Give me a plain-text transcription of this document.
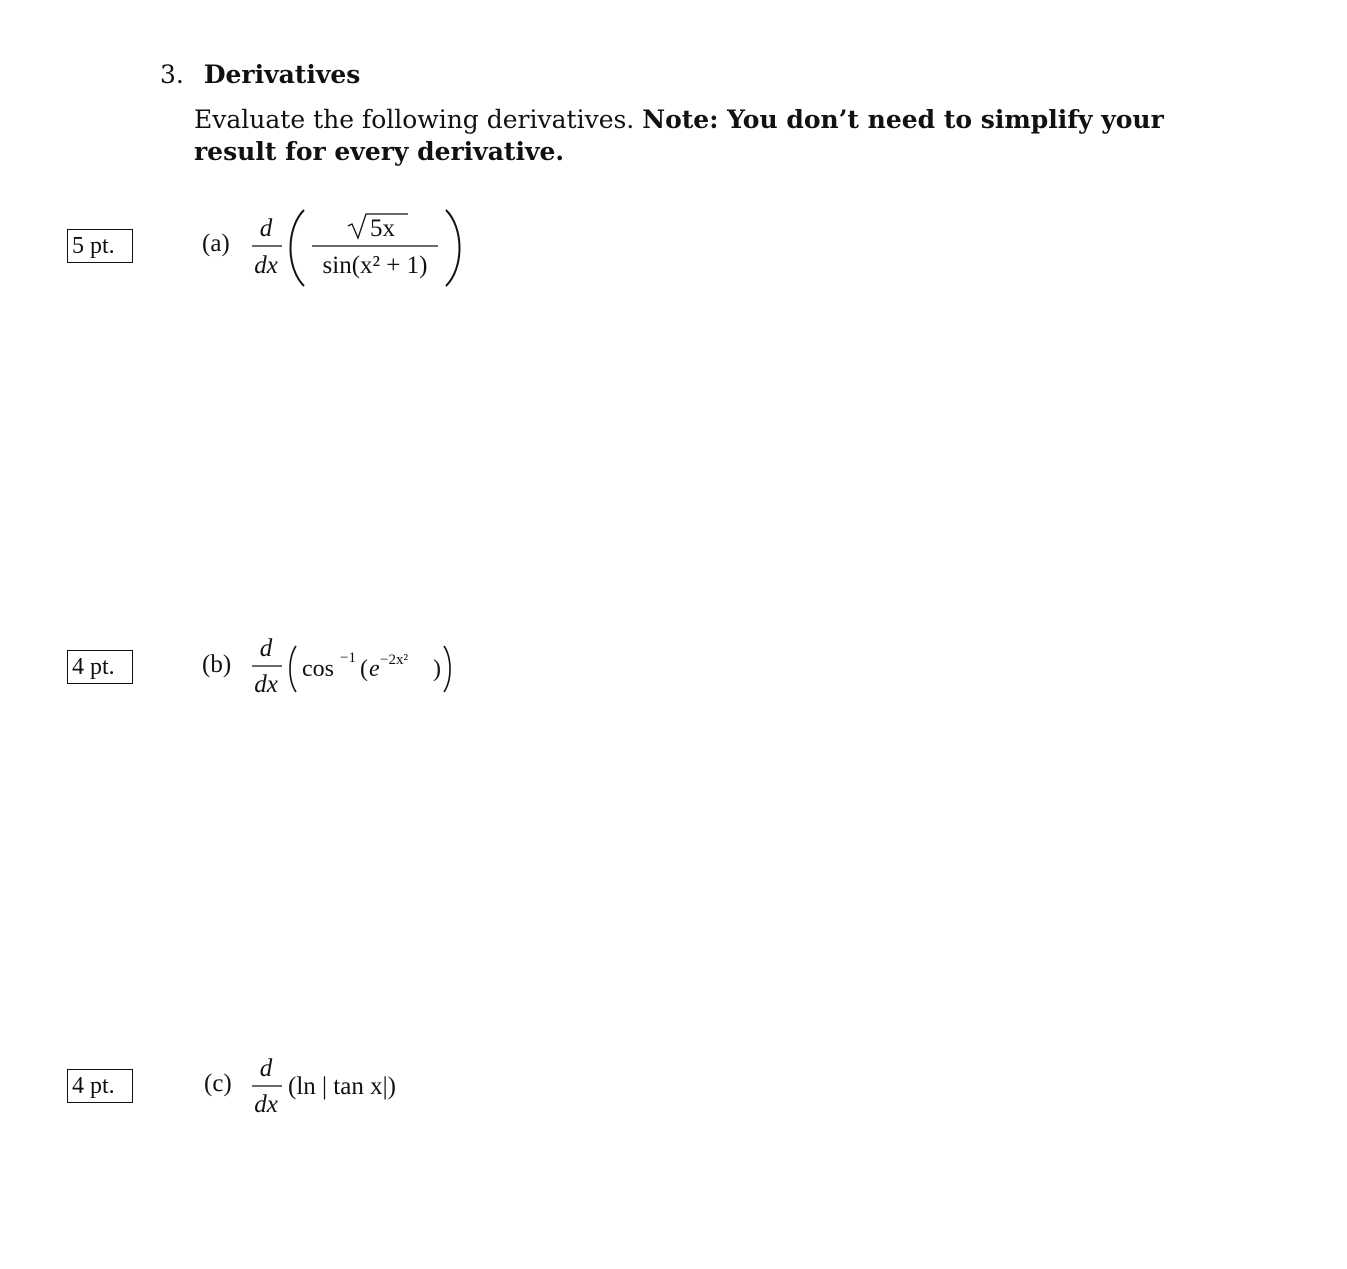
3. Derivatives
Evaluate the following derivatives. Note: You don’t need to simplify your result for every derivative.
5 pt.	(a)
d
dx
5x
sin(x² + 1)
4 pt.	(b)
d
dx
cos −1 ( e −2x² )
4 pt.	(c)
d
dx
(ln | tan x|)
